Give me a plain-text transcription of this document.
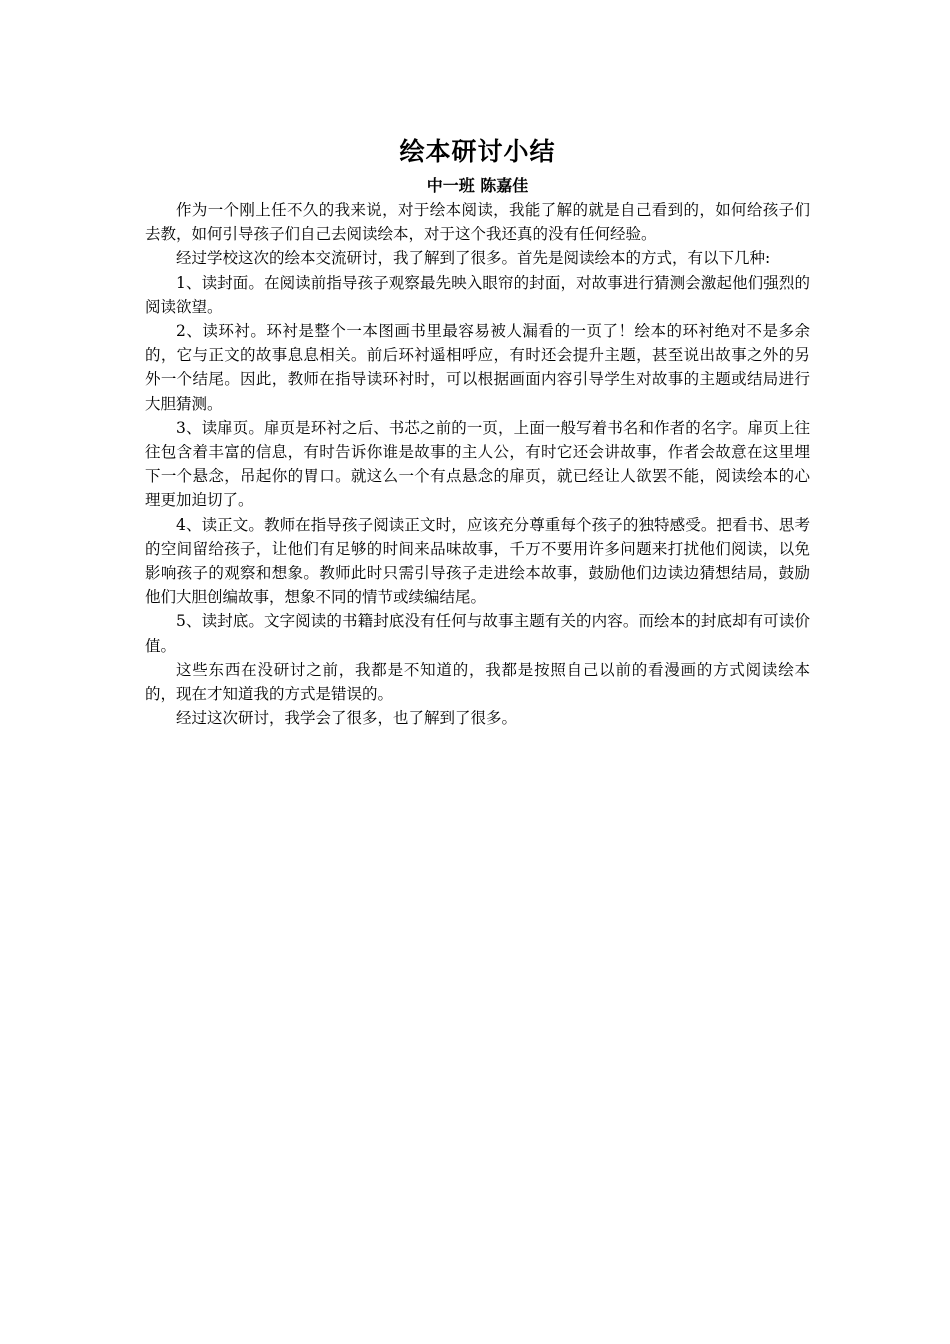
绘本研讨小结
中一班 陈嘉佳

作为一个刚上任不久的我来说，对于绘本阅读，我能了解的就是自己看到的，如何给孩子们去教，如何引导孩子们自己去阅读绘本，对于这个我还真的没有任何经验。

经过学校这次的绘本交流研讨，我了解到了很多。首先是阅读绘本的方式，有以下几种:

1、读封面。在阅读前指导孩子观察最先映入眼帘的封面，对故事进行猜测会激起他们强烈的阅读欲望。

2、读环衬。环衬是整个一本图画书里最容易被人漏看的一页了！绘本的环衬绝对不是多余的，它与正文的故事息息相关。前后环衬遥相呼应，有时还会提升主题，甚至说出故事之外的另外一个结尾。因此，教师在指导读环衬时，可以根据画面内容引导学生对故事的主题或结局进行大胆猜测。

3、读扉页。扉页是环衬之后、书芯之前的一页，上面一般写着书名和作者的名字。扉页上往往包含着丰富的信息，有时告诉你谁是故事的主人公，有时它还会讲故事，作者会故意在这里埋下一个悬念，吊起你的胃口。就这么一个有点悬念的扉页，就已经让人欲罢不能，阅读绘本的心理更加迫切了。

4、读正文。教师在指导孩子阅读正文时，应该充分尊重每个孩子的独特感受。把看书、思考的空间留给孩子，让他们有足够的时间来品味故事，千万不要用许多问题来打扰他们阅读，以免影响孩子的观察和想象。教师此时只需引导孩子走进绘本故事，鼓励他们边读边猜想结局，鼓励他们大胆创编故事，想象不同的情节或续编结尾。

5、读封底。文字阅读的书籍封底没有任何与故事主题有关的内容。而绘本的封底却有可读价值。

这些东西在没研讨之前，我都是不知道的，我都是按照自己以前的看漫画的方式阅读绘本的，现在才知道我的方式是错误的。

经过这次研讨，我学会了很多，也了解到了很多。
